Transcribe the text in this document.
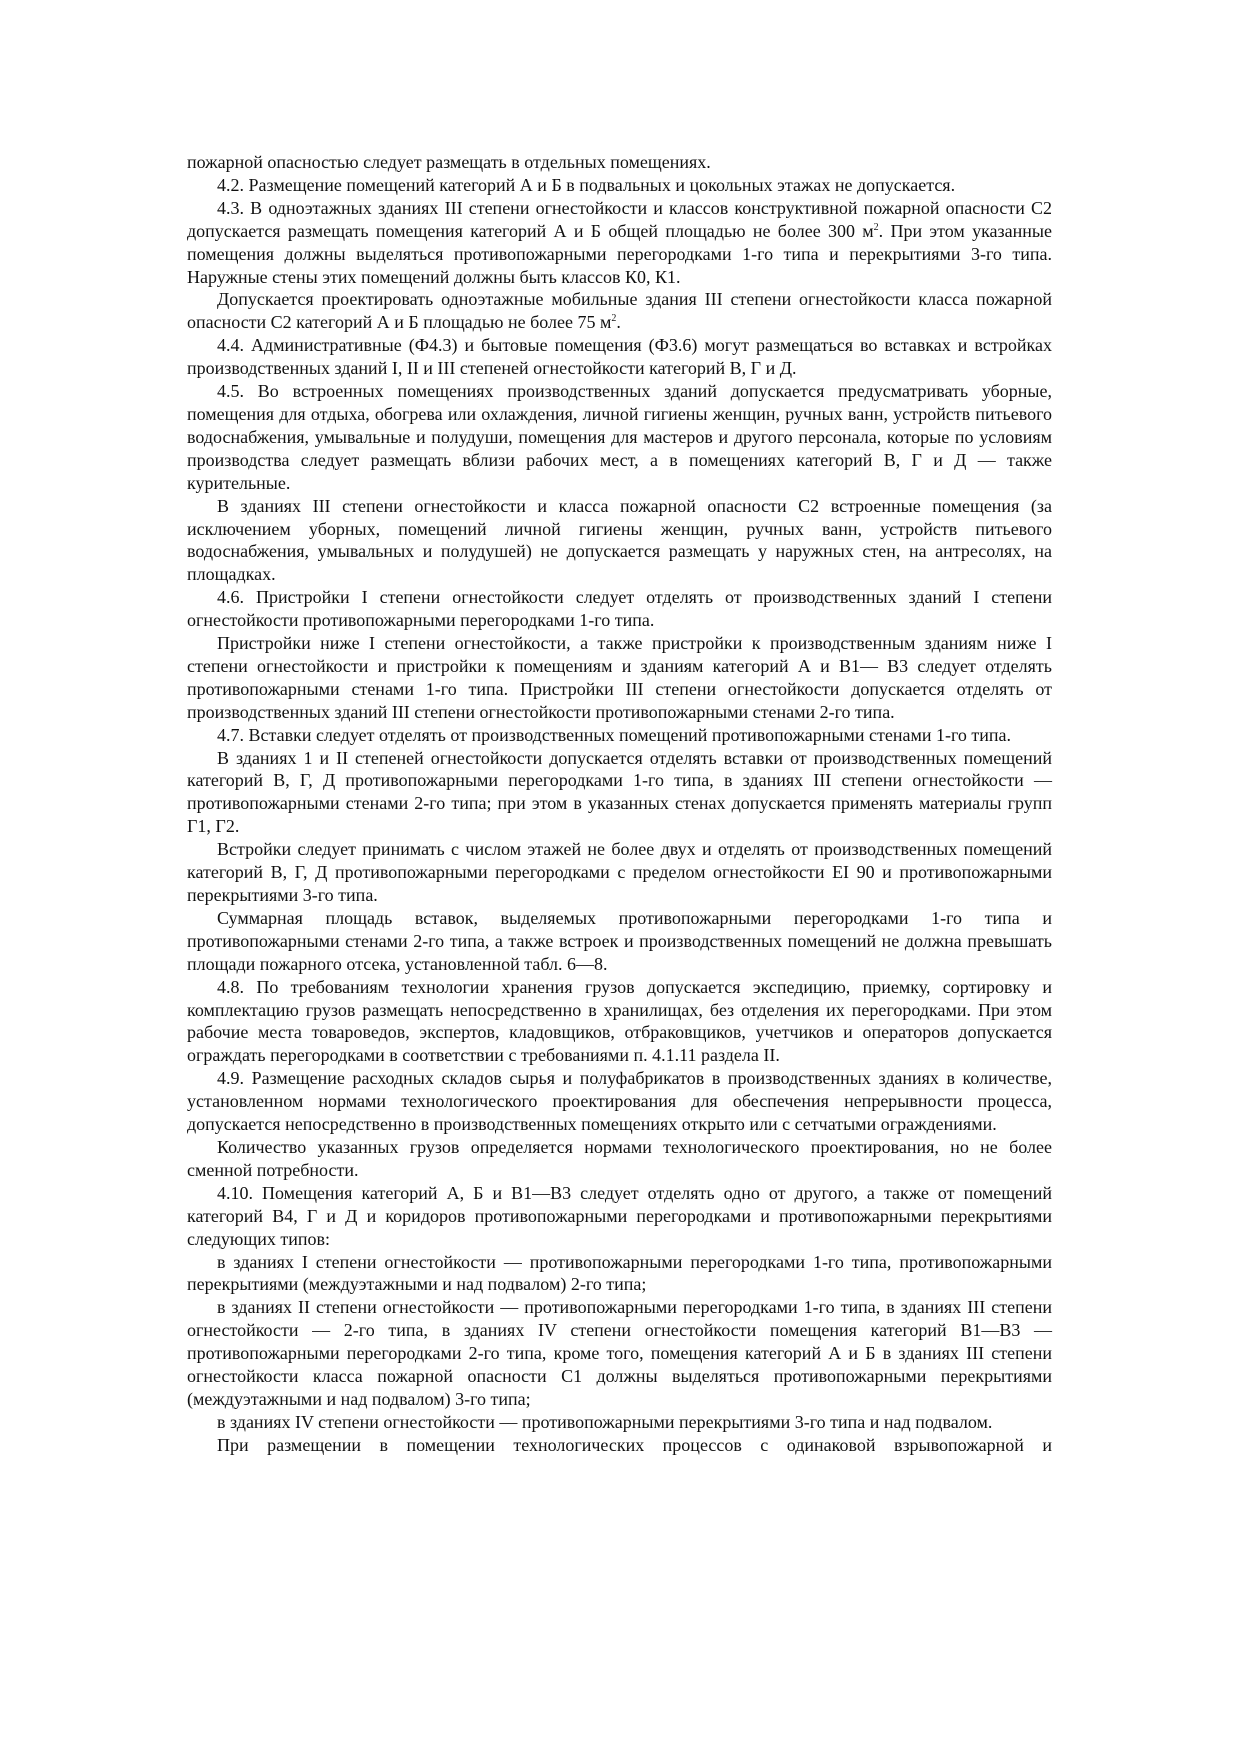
пожарной опасностью следует размещать в отдельных помещениях.

4.2. Размещение помещений категорий А и Б в подвальных и цокольных этажах не допускается.

4.3. В одноэтажных зданиях III степени огнестойкости и классов конструктивной пожарной опасности С2 допускается размещать помещения категорий А и Б общей площадью не более 300 $м^2$. При этом указанные помещения должны выделяться противопожарными перегородками 1-го типа и перекрытиями 3-го типа. Наружные стены этих помещений должны быть классов К0, К1.

Допускается проектировать одноэтажные мобильные здания III степени огнестойкости класса пожарной опасности С2 категорий А и Б площадью не более 75 $м^2$.

4.4. Административные (Ф4.3) и бытовые помещения (Ф3.6) могут размещаться во вставках и встройках производственных зданий I, II и III степеней огнестойкости категорий В, Г и Д.

4.5. Во встроенных помещениях производственных зданий допускается предусматривать уборные, помещения для отдыха, обогрева или охлаждения, личной гигиены женщин, ручных ванн, устройств питьевого водоснабжения, умывальные и полудуши, помещения для мастеров и другого персонала, которые по условиям производства следует размещать вблизи рабочих мест, а в помещениях категорий В, Г и Д — также курительные.

В зданиях III степени огнестойкости и класса пожарной опасности С2 встроенные помещения (за исключением уборных, помещений личной гигиены женщин, ручных ванн, устройств питьевого водоснабжения, умывальных и полудушей) не допускается размещать у наружных стен, на антресолях, на площадках.

4.6. Пристройки I степени огнестойкости следует отделять от производственных зданий I степени огнестойкости противопожарными перегородками 1-го типа.

Пристройки ниже I степени огнестойкости, а также пристройки к производственным зданиям ниже I степени огнестойкости и пристройки к помещениям и зданиям категорий А и В1— В3 следует отделять противопожарными стенами 1-го типа. Пристройки III степени огнестойкости допускается отделять от производственных зданий III степени огнестойкости противопожарными стенами 2-го типа.

4.7. Вставки следует отделять от производственных помещений противопожарными стенами 1-го типа.

В зданиях 1 и II степеней огнестойкости допускается отделять вставки от производственных помещений категорий В, Г, Д противопожарными перегородками 1-го типа, в зданиях III степени огнестойкости — противопожарными стенами 2-го типа; при этом в указанных стенах допускается применять материалы групп Г1, Г2.

Встройки следует принимать с числом этажей не более двух и отделять от производственных помещений категорий В, Г, Д противопожарными перегородками с пределом огнестойкости EI 90 и противопожарными перекрытиями 3-го типа.

Суммарная площадь вставок, выделяемых противопожарными перегородками 1-го типа и противопожарными стенами 2-го типа, а также встроек и производственных помещений не должна превышать площади пожарного отсека, установленной табл. 6—8.

4.8. По требованиям технологии хранения грузов допускается экспедицию, приемку, сортировку и комплектацию грузов размещать непосредственно в хранилищах, без отделения их перегородками. При этом рабочие места товароведов, экспертов, кладовщиков, отбраковщиков, учетчиков и операторов допускается ограждать перегородками в соответствии с требованиями п. 4.1.11 раздела II.

4.9. Размещение расходных складов сырья и полуфабрикатов в производственных зданиях в количестве, установленном нормами технологического проектирования для обеспечения непрерывности процесса, допускается непосредственно в производственных помещениях открыто или с сетчатыми ограждениями.

Количество указанных грузов определяется нормами технологического проектирования, но не более сменной потребности.

4.10. Помещения категорий А, Б и В1—В3 следует отделять одно от другого, а также от помещений категорий В4, Г и Д и коридоров противопожарными перегородками и противопожарными перекрытиями следующих типов:

в зданиях I степени огнестойкости — противопожарными перегородками 1-го типа, противопожарными перекрытиями (междуэтажными и над подвалом) 2-го типа;

в зданиях II степени огнестойкости — противопожарными перегородками 1-го типа, в зданиях III степени огнестойкости — 2-го типа, в зданиях IV степени огнестойкости помещения категорий В1—В3 — противопожарными перегородками 2-го типа, кроме того, помещения категорий А и Б в зданиях III степени огнестойкости класса пожарной опасности С1 должны выделяться противопожарными перекрытиями (междуэтажными и над подвалом) 3-го типа;

в зданиях IV степени огнестойкости — противопожарными перекрытиями 3-го типа и над подвалом.

При размещении в помещении технологических процессов с одинаковой взрывопожарной и
